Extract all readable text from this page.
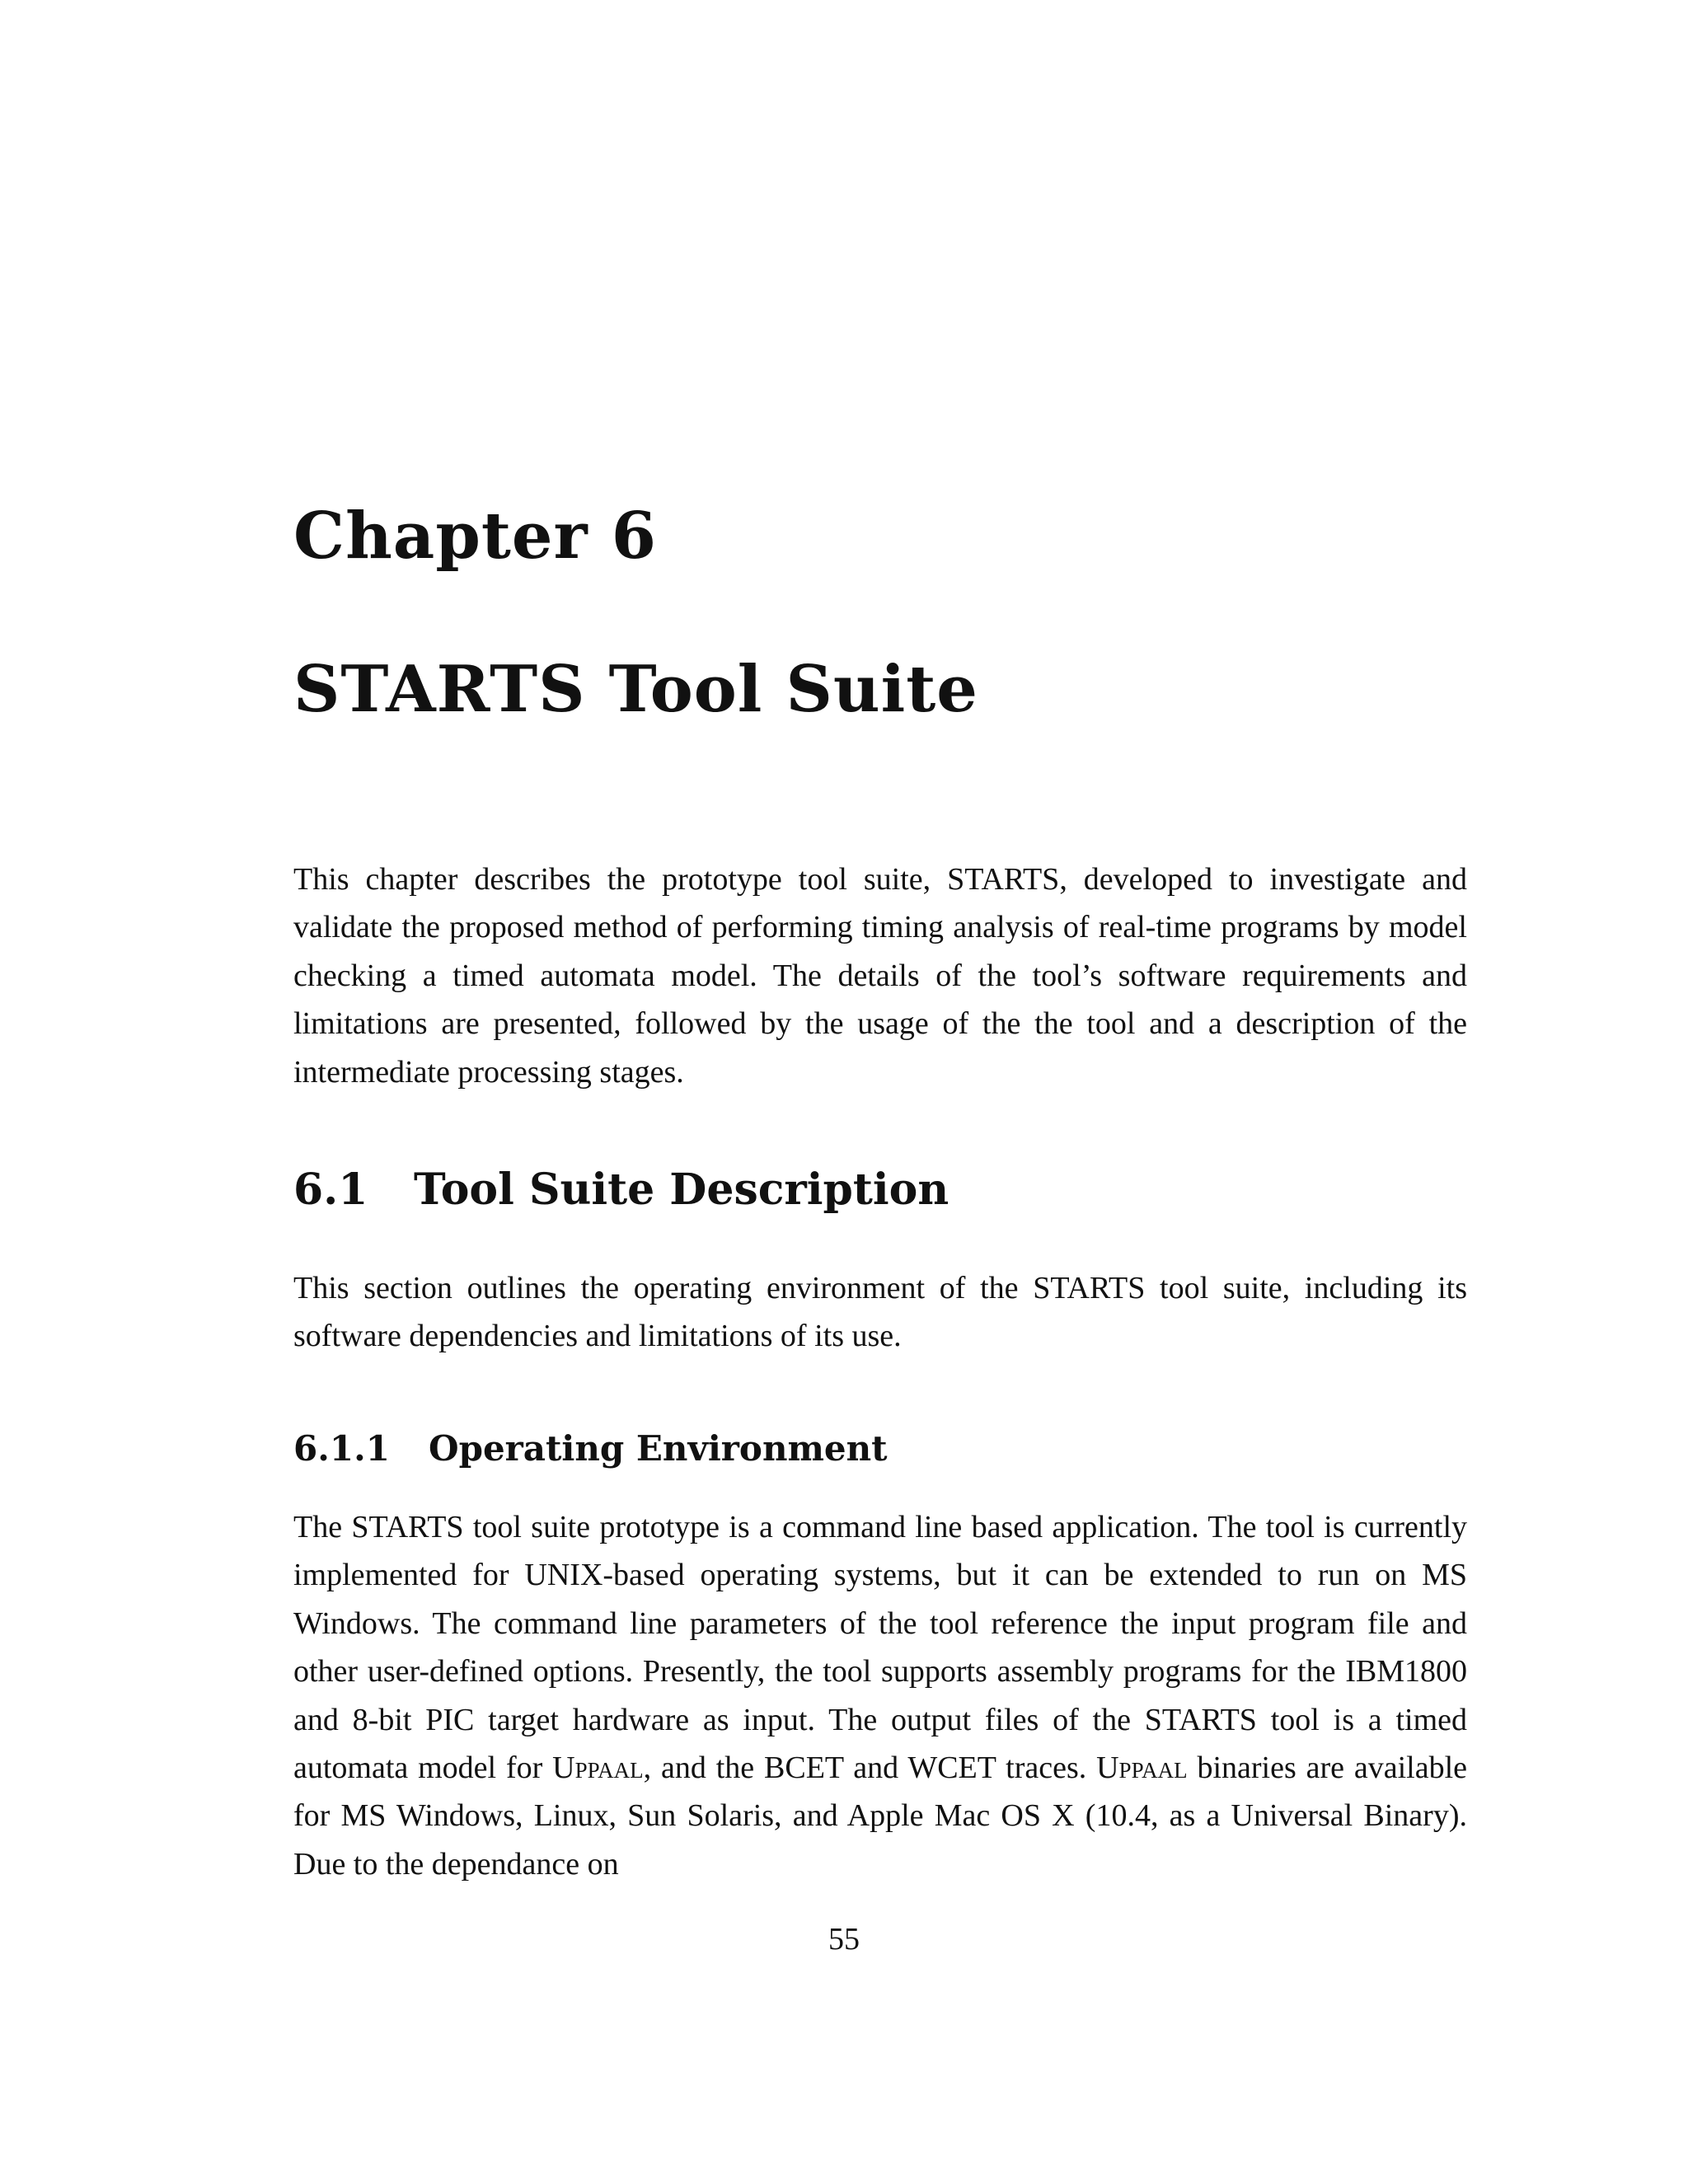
Chapter 6
STARTS Tool Suite

This chapter describes the prototype tool suite, STARTS, developed to investigate and validate the proposed method of performing timing analysis of real-time programs by model checking a timed automata model. The details of the tool’s software requirements and limitations are presented, followed by the usage of the the tool and a description of the intermediate processing stages.

6.1 Tool Suite Description

This section outlines the operating environment of the STARTS tool suite, including its software dependencies and limitations of its use.

6.1.1 Operating Environment

The STARTS tool suite prototype is a command line based application. The tool is currently implemented for UNIX-based operating systems, but it can be extended to run on MS Windows. The command line parameters of the tool reference the input program file and other user-defined options. Presently, the tool supports assembly programs for the IBM1800 and 8-bit PIC target hardware as input. The output files of the STARTS tool is a timed automata model for Uppaal, and the BCET and WCET traces. Uppaal binaries are available for MS Windows, Linux, Sun Solaris, and Apple Mac OS X (10.4, as a Universal Binary). Due to the dependance on

55
